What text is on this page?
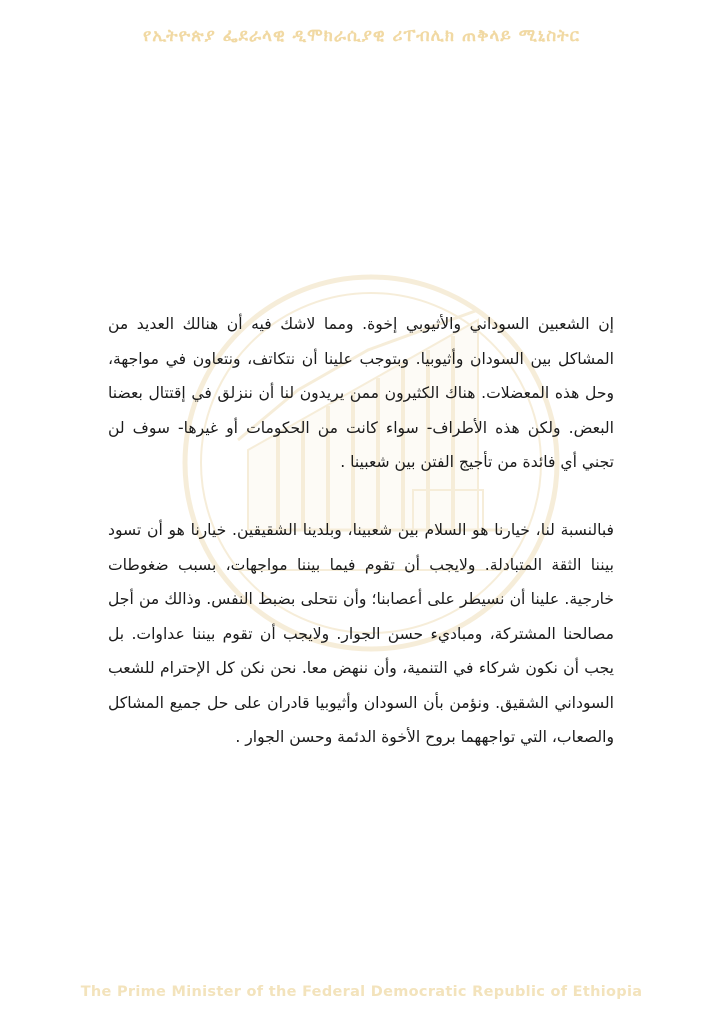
የኢትዮጵያ ፌደራላዊ ዲሞክራሲያዊ ሪፐብሊክ ጠቅላይ ሚኒስትር

إن الشعبين السوداني والأثيوبي إخوة. ومما لاشك فيه أن هنالك العديد من المشاكل بين السودان وأثيوبيا. وبتوجب علينا أن نتكاتف، ونتعاون في مواجهة، وحل هذه المعضلات. هناك الكثيرون ممن يريدون لنا أن ننزلق في إقتتال بعضنا البعض. ولكن هذه الأطراف- سواء كانت من الحكومات أو غيرها- سوف لن تجني أي فائدة من تأجيج الفتن بين شعبينا .

فبالنسبة لنا، خيارنا هو السلام بين شعبينا، وبلدينا الشقيقين. خيارنا هو أن تسود بيننا الثقة المتبادلة. ولايجب أن تقوم فيما بيننا مواجهات، بسبب ضغوطات خارجية. علينا أن نسيطر على أعصابنا؛ وأن نتحلى بضبط النفس. وذالك من أجل مصالحنا المشتركة، ومباديء حسن الجوار. ولايجب أن تقوم بيننا عداوات. بل يجب أن نكون شركاء في التنمية، وأن ننهض معا. نحن نكن كل الإحترام للشعب السوداني الشقيق. ونؤمن بأن السودان وأثيوبيا قادران على حل جميع المشاكل والصعاب، التي تواجههما بروح الأخوة الدئمة وحسن الجوار .

The Prime Minister of the Federal Democratic Republic of Ethiopia
